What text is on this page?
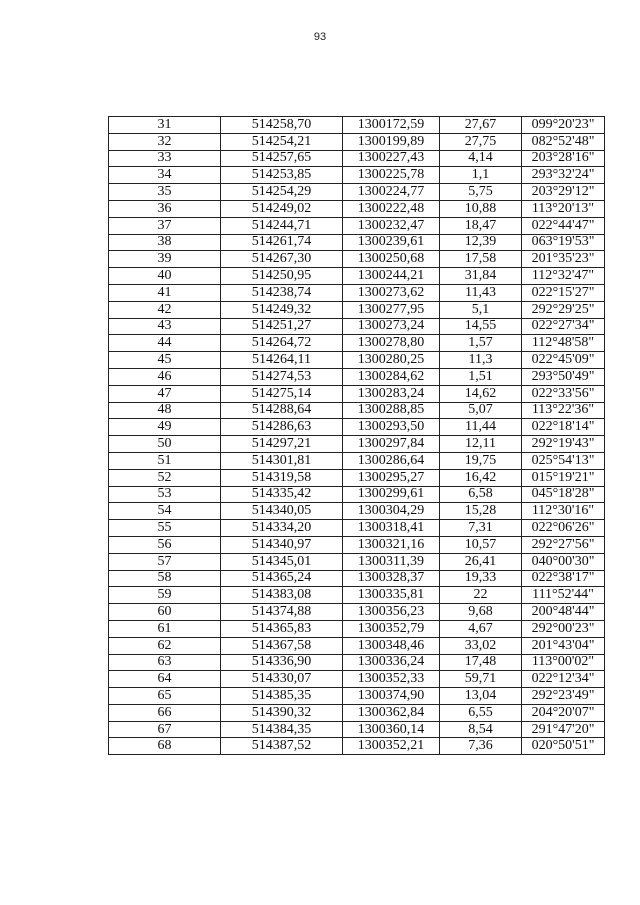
93
31	514258,70	1300172,59	27,67	099°20'23"
32	514254,21	1300199,89	27,75	082°52'48"
33	514257,65	1300227,43	4,14	203°28'16"
34	514253,85	1300225,78	1,1	293°32'24"
35	514254,29	1300224,77	5,75	203°29'12"
36	514249,02	1300222,48	10,88	113°20'13"
37	514244,71	1300232,47	18,47	022°44'47"
38	514261,74	1300239,61	12,39	063°19'53"
39	514267,30	1300250,68	17,58	201°35'23"
40	514250,95	1300244,21	31,84	112°32'47"
41	514238,74	1300273,62	11,43	022°15'27"
42	514249,32	1300277,95	5,1	292°29'25"
43	514251,27	1300273,24	14,55	022°27'34"
44	514264,72	1300278,80	1,57	112°48'58"
45	514264,11	1300280,25	11,3	022°45'09"
46	514274,53	1300284,62	1,51	293°50'49"
47	514275,14	1300283,24	14,62	022°33'56"
48	514288,64	1300288,85	5,07	113°22'36"
49	514286,63	1300293,50	11,44	022°18'14"
50	514297,21	1300297,84	12,11	292°19'43"
51	514301,81	1300286,64	19,75	025°54'13"
52	514319,58	1300295,27	16,42	015°19'21"
53	514335,42	1300299,61	6,58	045°18'28"
54	514340,05	1300304,29	15,28	112°30'16"
55	514334,20	1300318,41	7,31	022°06'26"
56	514340,97	1300321,16	10,57	292°27'56"
57	514345,01	1300311,39	26,41	040°00'30"
58	514365,24	1300328,37	19,33	022°38'17"
59	514383,08	1300335,81	22	111°52'44"
60	514374,88	1300356,23	9,68	200°48'44"
61	514365,83	1300352,79	4,67	292°00'23"
62	514367,58	1300348,46	33,02	201°43'04"
63	514336,90	1300336,24	17,48	113°00'02"
64	514330,07	1300352,33	59,71	022°12'34"
65	514385,35	1300374,90	13,04	292°23'49"
66	514390,32	1300362,84	6,55	204°20'07"
67	514384,35	1300360,14	8,54	291°47'20"
68	514387,52	1300352,21	7,36	020°50'51"
